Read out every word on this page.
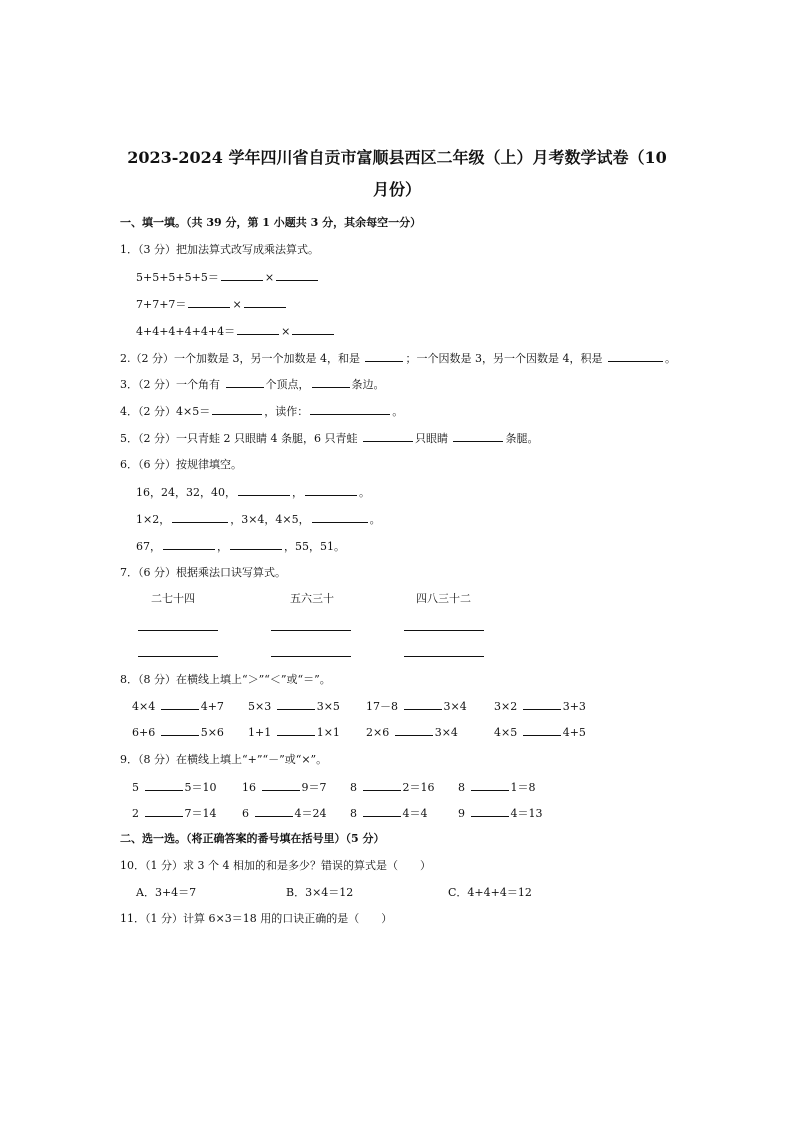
2023-2024 学年四川省自贡市富顺县西区二年级（上）月考数学试卷（10
月份）
一、填一填。（共 39 分，第 1 小题共 3 分，其余每空一分）
1．（3 分）把加法算式改写成乘法算式。
5+5+5+5+5＝	×
7+7+7＝	×
4+4+4+4+4+4＝	×
2.（2 分）一个加数是 3，另一个加数是 4，和是	；一个因数是 3，另一个因数是 4，积是	。
3．（2 分）一个角有	个顶点，	条边。
4．（2 分）4×5＝	，读作：	。
5．（2 分）一只青蛙 2 只眼睛 4 条腿，6 只青蛙	只眼睛	条腿。
6．（6 分）按规律填空。
16，24，32，40，	，	。
1×2，	，3×4，4×5，	。
67，	，	，55，51。
7．（6 分）根据乘法口诀写算式。
二七十四	五六三十	四八三十二
8．（8 分）在横线上填上“＞”“＜”或“＝”。
4×4	4+7 5×3	3×5 17－8	3×4 3×2	3+3
6+6	5×6 1+1	1×1 2×6	3×4	4×5	4+5
9．（8 分）在横线上填上“+”“－”或“×”。
5	5＝10 16	9＝7 8	2＝16 8	1＝8
2	7＝14 6	4＝24 8	4＝4	9	4＝13
二、选一选。（将正确答案的番号填在括号里）（5 分）
10．（1 分）求 3 个 4 相加的和是多少？错误的算式是（　　）
A．3+4＝7	B．3×4＝12	C．4+4+4＝12
11．（1 分）计算 6×3＝18 用的口诀正确的是（　　）
